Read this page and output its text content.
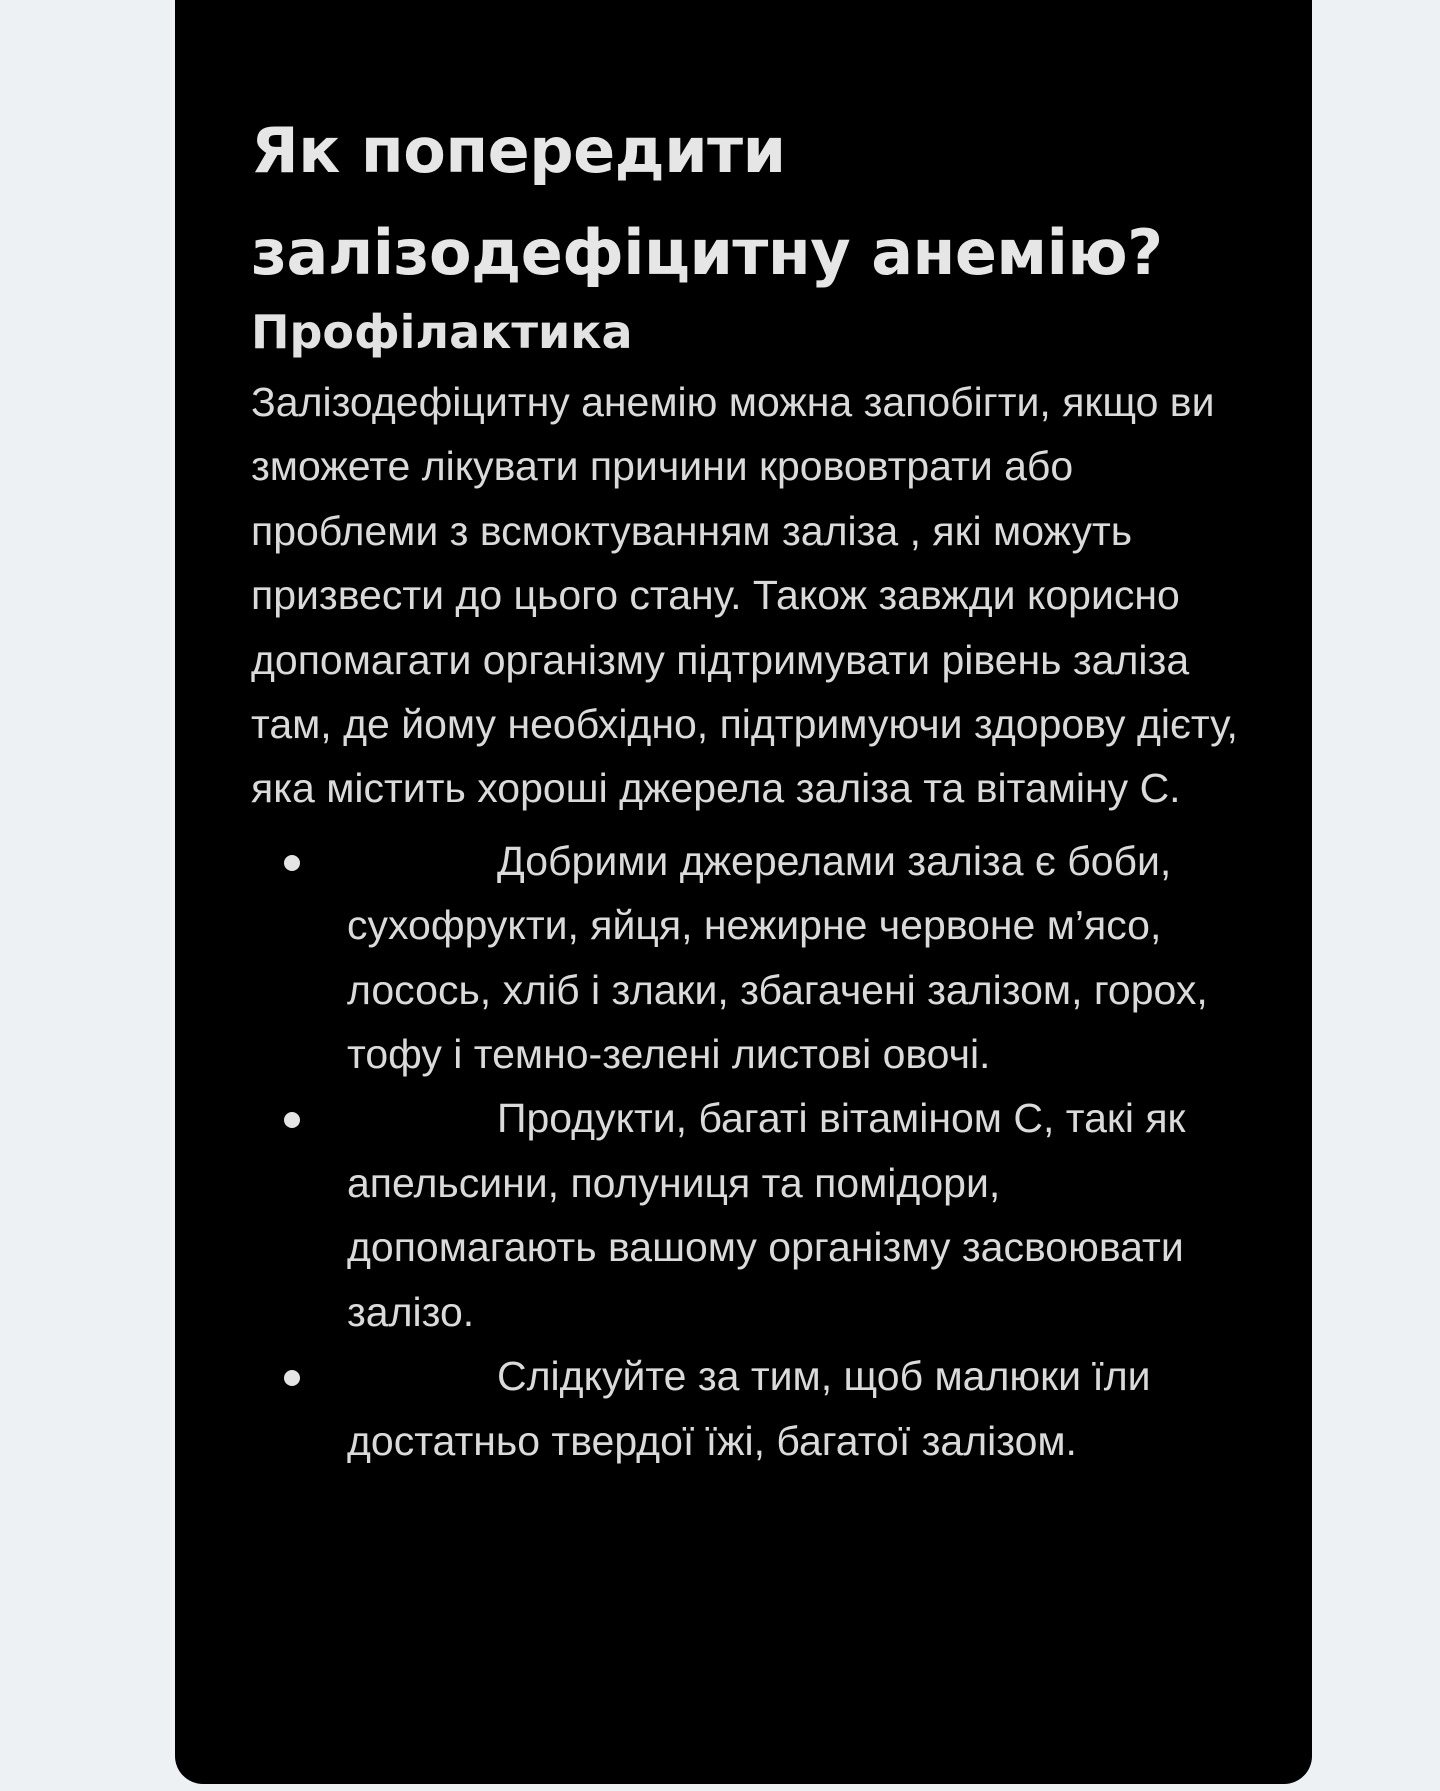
Як попередити залізодефіцитну анемію?
Профілактика

Залізодефіцитну анемію можна запобігти, якщо ви зможете лікувати причини крововтрати або проблеми з всмоктуванням заліза , які можуть призвести до цього стану. Також завжди корисно допомагати організму підтримувати рівень заліза там, де йому необхідно, підтримуючи здорову дієту, яка містить хороші джерела заліза та вітаміну С.

Добрими джерелами заліза є боби, сухофрукти, яйця, нежирне червоне м’ясо, лосось, хліб і злаки, збагачені залізом, горох, тофу і темно-зелені листові овочі.
Продукти, багаті вітаміном С, такі як апельсини, полуниця та помідори, допомагають вашому організму засвоювати залізо.
Слідкуйте за тим, щоб малюки їли достатньо твердої їжі, багатої залізом.
